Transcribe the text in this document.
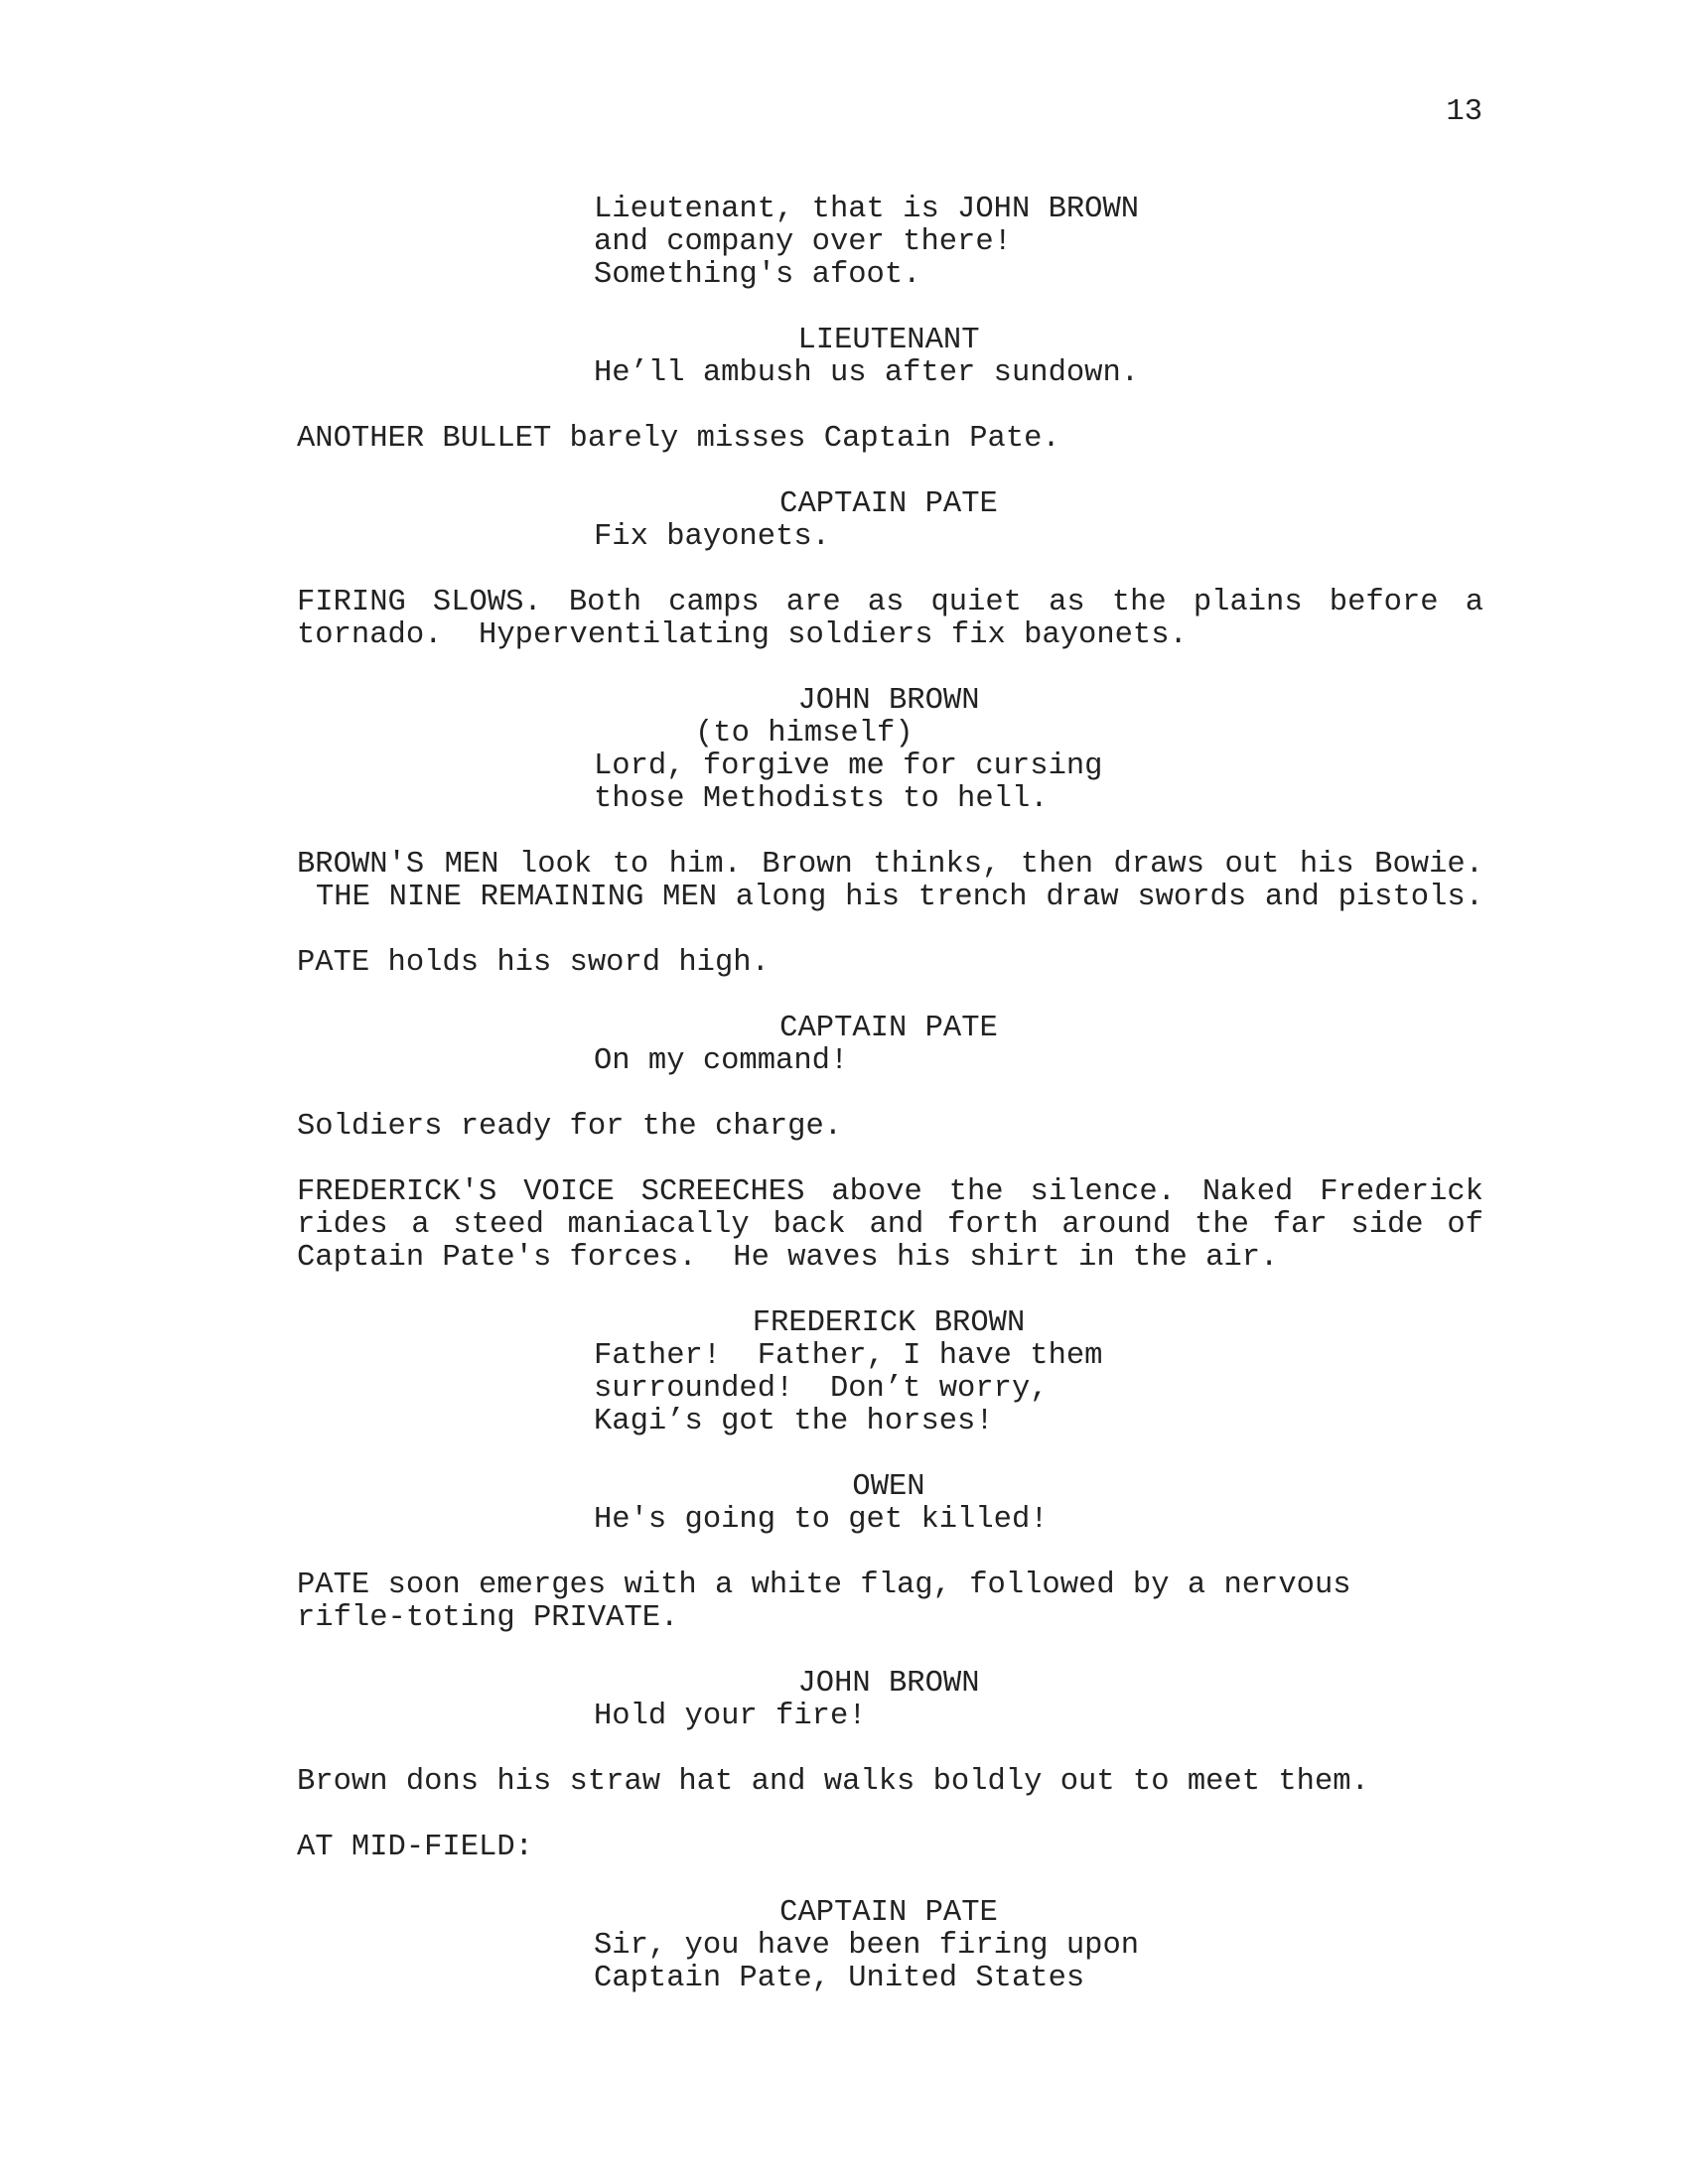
13
Lieutenant, that is JOHN BROWN
and company over there!
Something's afoot.
LIEUTENANT
He’ll ambush us after sundown.
ANOTHER BULLET barely misses Captain Pate.
CAPTAIN PATE
Fix bayonets.
FIRING SLOWS. Both camps are as quiet as the plains before a
tornado.  Hyperventilating soldiers fix bayonets.
JOHN BROWN
(to himself)
Lord, forgive me for cursing
those Methodists to hell.
BROWN'S MEN look to him. Brown thinks, then draws out his Bowie.
THE NINE REMAINING MEN along his trench draw swords and pistols.
PATE holds his sword high.
CAPTAIN PATE
On my command!
Soldiers ready for the charge.
FREDERICK'S VOICE SCREECHES above the silence. Naked Frederick
rides a steed maniacally back and forth around the far side of
Captain Pate's forces.  He waves his shirt in the air.
FREDERICK BROWN
Father!  Father, I have them
surrounded!  Don’t worry,
Kagi’s got the horses!
OWEN
He's going to get killed!
PATE soon emerges with a white flag, followed by a nervous
rifle-toting PRIVATE.
JOHN BROWN
Hold your fire!
Brown dons his straw hat and walks boldly out to meet them.
AT MID-FIELD:
CAPTAIN PATE
Sir, you have been firing upon
Captain Pate, United States
